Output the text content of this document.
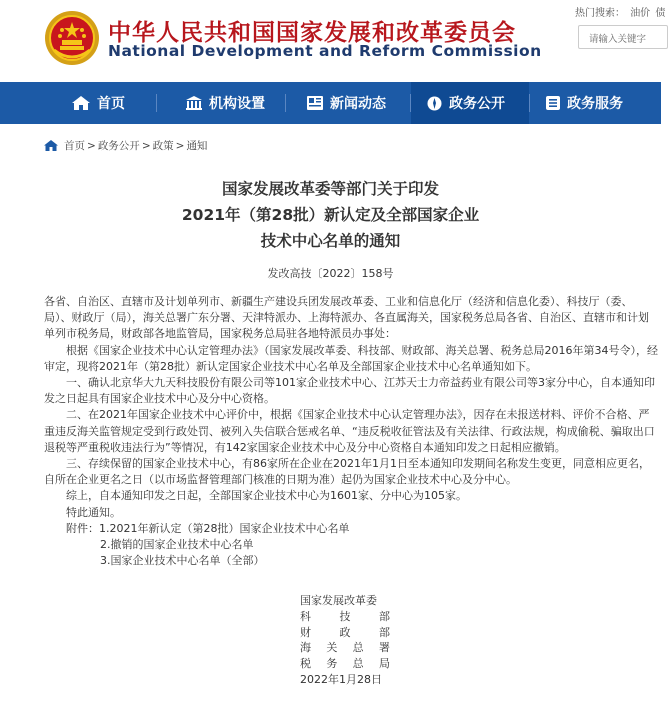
中华人民共和国国家发展和改革委员会
National Development and Reform Commission
热门搜索： 油价 债
请输入关键字
首页	机构设置	新闻动态	政务公开	政务服务
首页 > 政务公开 > 政策 > 通知
国家发展改革委等部门关于印发
2021年（第28批）新认定及全部国家企业
技术中心名单的通知
发改高技〔2022〕158号

各省、自治区、直辖市及计划单列市、新疆生产建设兵团发展改革委、工业和信息化厅（经济和信息化委）、科技厅（委、局）、财政厅（局），海关总署广东分署、天津特派办、上海特派办、各直属海关，国家税务总局各省、自治区、直辖市和计划单列市税务局，财政部各地监管局，国家税务总局驻各地特派员办事处：

根据《国家企业技术中心认定管理办法》（国家发展改革委、科技部、财政部、海关总署、税务总局2016年第34号令），经审定，现将2021年（第28批）新认定国家企业技术中心名单及全部国家企业技术中心名单通知如下。

一、确认北京华大九天科技股份有限公司等101家企业技术中心、江苏天士力帝益药业有限公司等3家分中心，自本通知印发之日起具有国家企业技术中心及分中心资格。

二、在2021年国家企业技术中心评价中，根据《国家企业技术中心认定管理办法》，因存在未报送材料、评价不合格、严重违反海关监管规定受到行政处罚、被列入失信联合惩戒名单、“违反税收征管法及有关法律、行政法规，构成偷税、骗取出口退税等严重税收违法行为”等情况，有142家国家企业技术中心及分中心资格自本通知印发之日起相应撤销。

三、存续保留的国家企业技术中心，有86家所在企业在2021年1月1日至本通知印发期间名称发生变更，同意相应更名，自所在企业更名之日（以市场监督管理部门核准的日期为准）起仍为国家企业技术中心及分中心。

综上，自本通知印发之日起，全部国家企业技术中心为1601家、分中心为105家。

特此通知。

附件：1.2021年新认定（第28批）国家企业技术中心名单

2.撤销的国家企业技术中心名单

3.国家企业技术中心名单（全部）

国家发展改革委
科技部
财政部
海关总署
税务总局
2022年1月28日
